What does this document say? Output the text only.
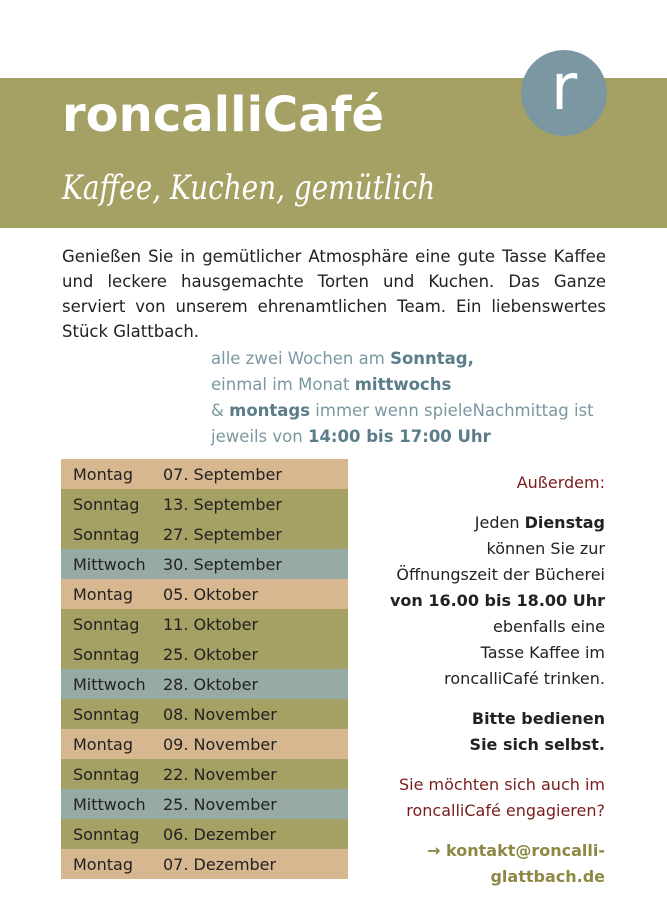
roncalliCafé
Kaffee, Kuchen, gemütlich
r
Genießen Sie in gemütlicher Atmosphäre eine gute Tasse Kaffee und leckere hausgemachte Torten und Kuchen. Das Ganze serviert von unserem ehrenamtlichen Team. Ein liebenswertes Stück Glattbach.
alle zwei Wochen am Sonntag,
einmal im Monat mittwochs
& montags immer wenn spieleNachmittag ist
jeweils von 14:00 bis 17:00 Uhr
Montag	07. September
Sonntag	13. September
Sonntag	27. September
Mittwoch	30. September
Montag	05. Oktober
Sonntag	11. Oktober
Sonntag	25. Oktober
Mittwoch	28. Oktober
Sonntag	08. November
Montag	09. November
Sonntag	22. November
Mittwoch	25. November
Sonntag	06. Dezember
Montag	07. Dezember
Außerdem:
Jeden Dienstag
können Sie zur
Öffnungszeit der Bücherei
von 16.00 bis 18.00 Uhr
ebenfalls eine
Tasse Kaffee im
roncalliCafé trinken.
Bitte bedienen
Sie sich selbst.
Sie möchten sich auch im
roncalliCafé engagieren?
→ kontakt@roncalli-
glattbach.de
